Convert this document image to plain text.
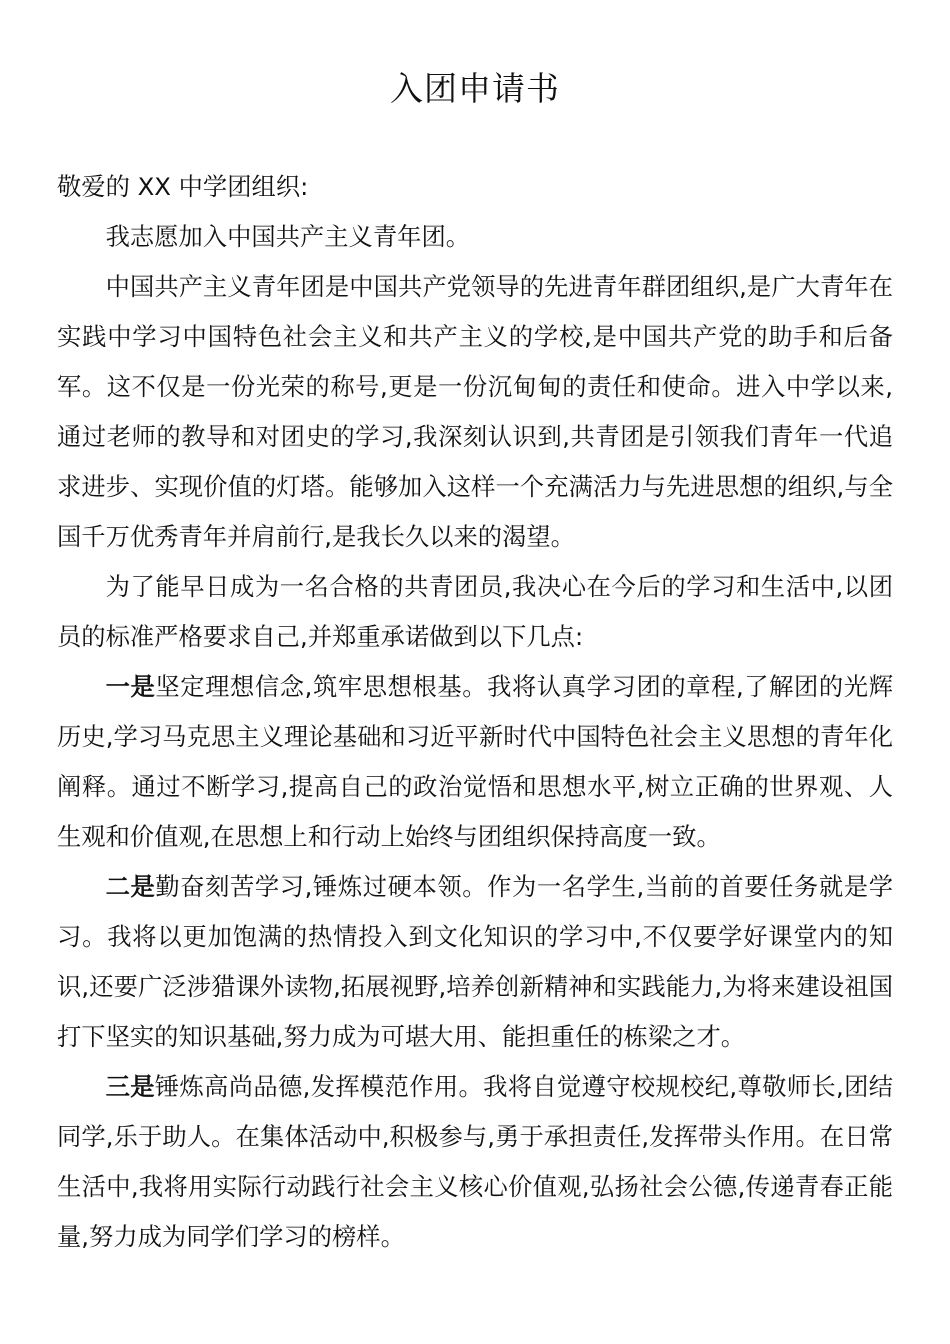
入团申请书

敬爱的 XX 中学团组织:

我志愿加入中国共产主义青年团。

中国共产主义青年团是中国共产党领导的先进青年群团组织,是广大青年在实践中学习中国特色社会主义和共产主义的学校,是中国共产党的助手和后备军。这不仅是一份光荣的称号,更是一份沉甸甸的责任和使命。进入中学以来,通过老师的教导和对团史的学习,我深刻认识到,共青团是引领我们青年一代追求进步、实现价值的灯塔。能够加入这样一个充满活力与先进思想的组织,与全国千万优秀青年并肩前行,是我长久以来的渴望。

为了能早日成为一名合格的共青团员,我决心在今后的学习和生活中,以团员的标准严格要求自己,并郑重承诺做到以下几点:

一是坚定理想信念,筑牢思想根基。我将认真学习团的章程,了解团的光辉历史,学习马克思主义理论基础和习近平新时代中国特色社会主义思想的青年化阐释。通过不断学习,提高自己的政治觉悟和思想水平,树立正确的世界观、人生观和价值观,在思想上和行动上始终与团组织保持高度一致。

二是勤奋刻苦学习,锤炼过硬本领。作为一名学生,当前的首要任务就是学习。我将以更加饱满的热情投入到文化知识的学习中,不仅要学好课堂内的知识,还要广泛涉猎课外读物,拓展视野,培养创新精神和实践能力,为将来建设祖国打下坚实的知识基础,努力成为可堪大用、能担重任的栋梁之才。

三是锤炼高尚品德,发挥模范作用。我将自觉遵守校规校纪,尊敬师长,团结同学,乐于助人。在集体活动中,积极参与,勇于承担责任,发挥带头作用。在日常生活中,我将用实际行动践行社会主义核心价值观,弘扬社会公德,传递青春正能量,努力成为同学们学习的榜样。
